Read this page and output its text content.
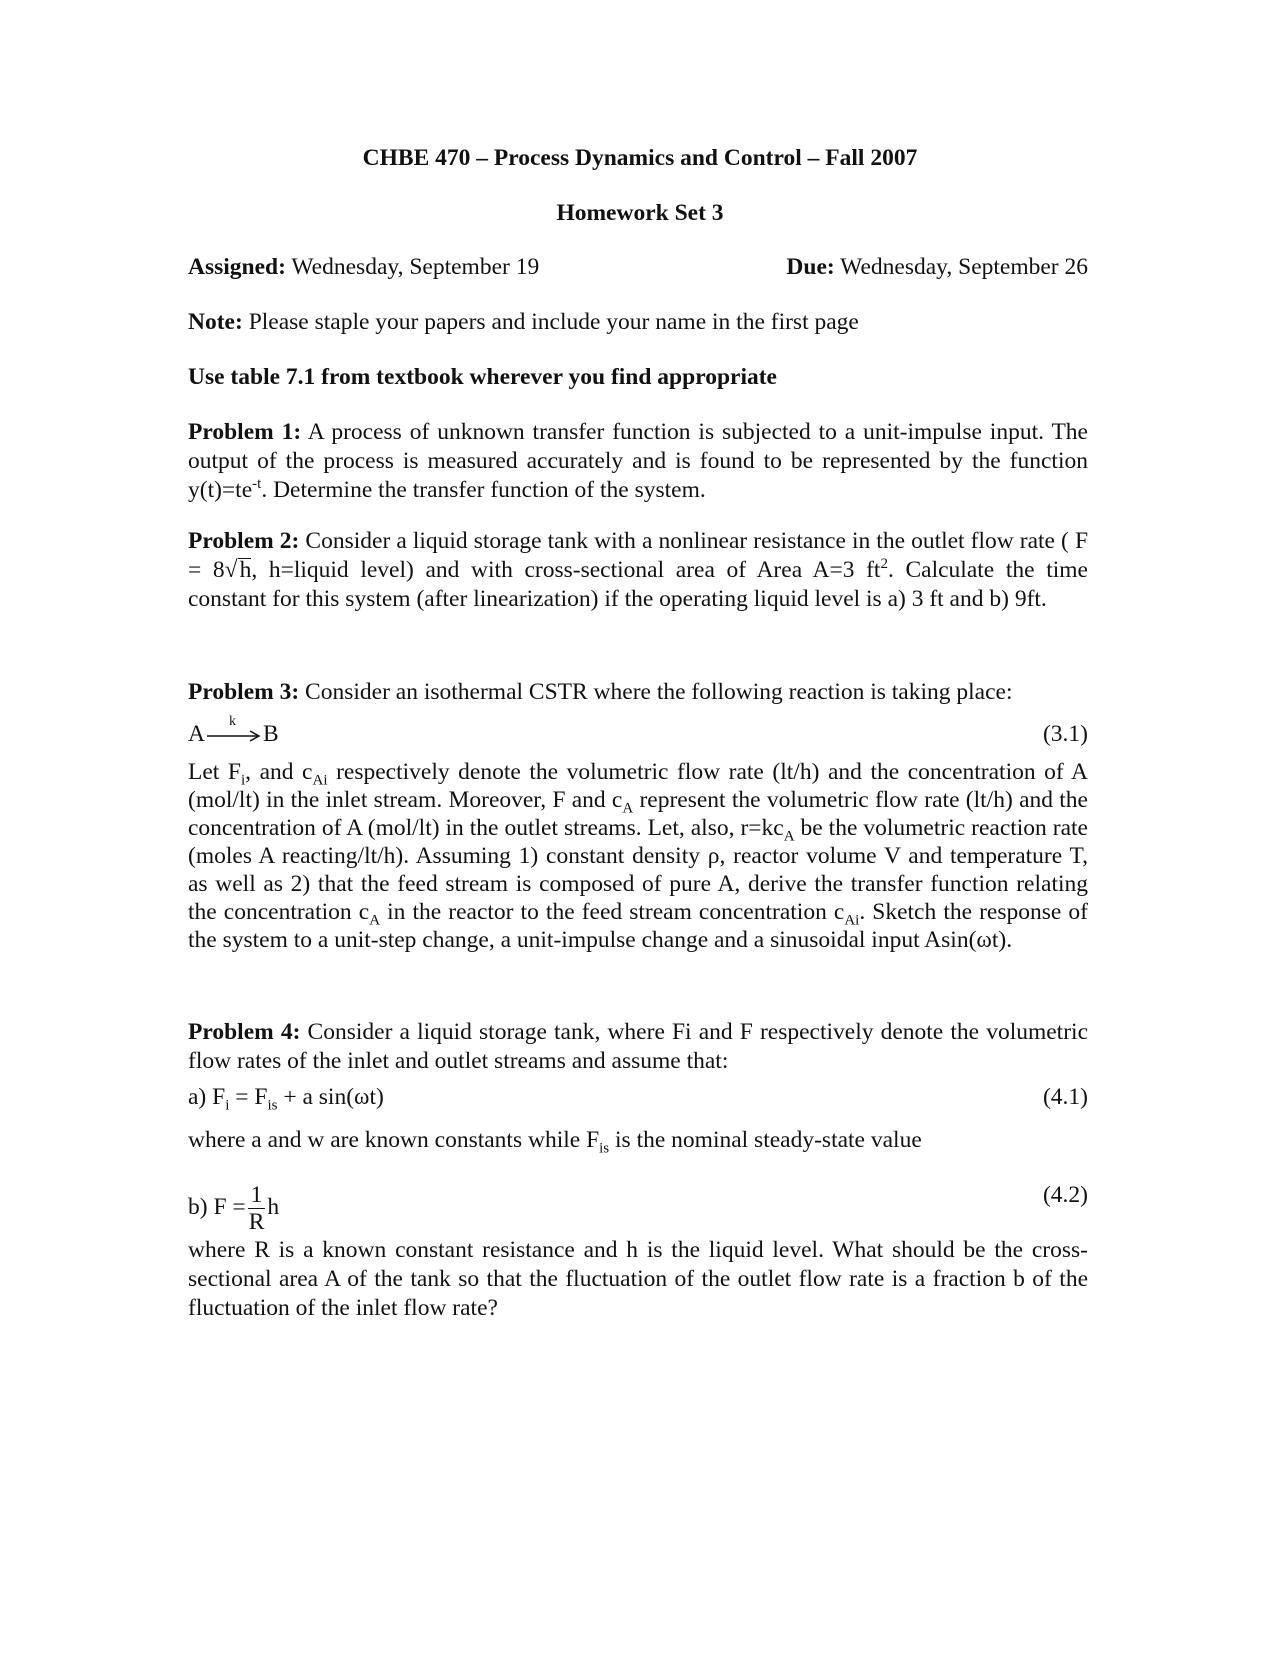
CHBE 470 – Process Dynamics and Control – Fall 2007
Homework Set 3
Assigned: Wednesday, September 19	Due: Wednesday, September 26
Note: Please staple your papers and include your name in the first page
Use table 7.1 from textbook wherever you find appropriate
Problem 1: A process of unknown transfer function is subjected to a unit-impulse input. The output of the process is measured accurately and is found to be represented by the function $y(t)=te^{-t}$. Determine the transfer function of the system.
Problem 2: Consider a liquid storage tank with a nonlinear resistance in the outlet flow rate ( F = 8√h, h=liquid level) and with cross-sectional area of Area A=3 $ft^2$. Calculate the time constant for this system (after linearization) if the operating liquid level is a) 3 ft and b) 9ft.
Problem 3: Consider an isothermal CSTR where the following reaction is taking place:
A k B	(3.1)
Let $F_i$, and $c_{Ai}$ respectively denote the volumetric flow rate (lt/h) and the concentration of A (mol/lt) in the inlet stream. Moreover, F and $c_A$ represent the volumetric flow rate (lt/h) and the concentration of A (mol/lt) in the outlet streams. Let, also, $r=kc_A$ be the volumetric reaction rate (moles A reacting/lt/h). Assuming 1) constant density ρ, reactor volume V and temperature T, as well as 2) that the feed stream is composed of pure A, derive the transfer function relating the concentration $c_A$ in the reactor to the feed stream concentration $c_{Ai}$. Sketch the response of the system to a unit-step change, a unit-impulse change and a sinusoidal input Asin(ωt).
Problem 4: Consider a liquid storage tank, where Fi and F respectively denote the volumetric flow rates of the inlet and outlet streams and assume that:
a) $F_i = F_{is} + a$ sin(ωt)	(4.1)
where a and w are known constants while $F_{is}$ is the nominal steady-state value
b) $F = \frac{1}{R}$ h	(4.2)
where R is a known constant resistance and h is the liquid level. What should be the cross-sectional area A of the tank so that the fluctuation of the outlet flow rate is a fraction b of the fluctuation of the inlet flow rate?
